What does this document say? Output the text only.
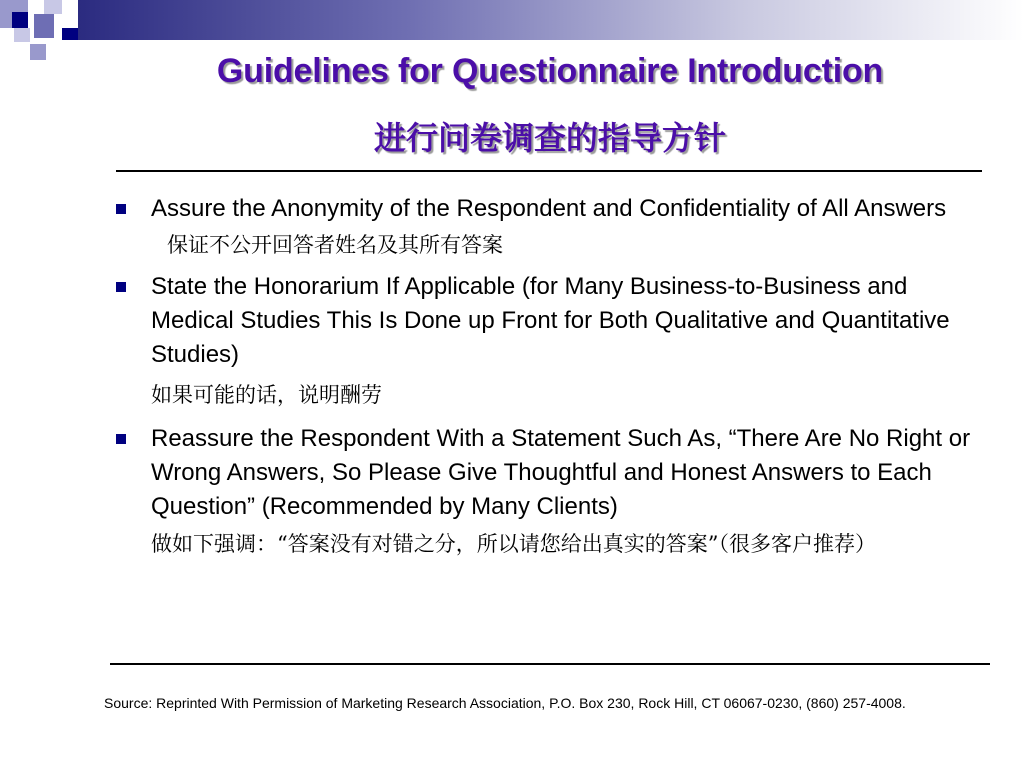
Guidelines for Questionnaire Introduction
进行问卷调查的指导方针
Assure the Anonymity of the Respondent and Confidentiality of All Answers
保证不公开回答者姓名及其所有答案
State the Honorarium If Applicable (for Many Business-to-Business and Medical Studies This Is Done up Front for Both Qualitative and Quantitative Studies)
如果可能的话，说明酬劳
Reassure the Respondent With a Statement Such As, “There Are No Right or Wrong Answers, So Please Give Thoughtful and Honest Answers to Each Question” (Recommended by Many Clients)
做如下强调：“答案没有对错之分，所以请您给出真实的答案”（很多客户推荐）
Source: Reprinted With Permission of Marketing Research Association, P.O. Box 230, Rock Hill, CT 06067-0230, (860) 257-4008.
